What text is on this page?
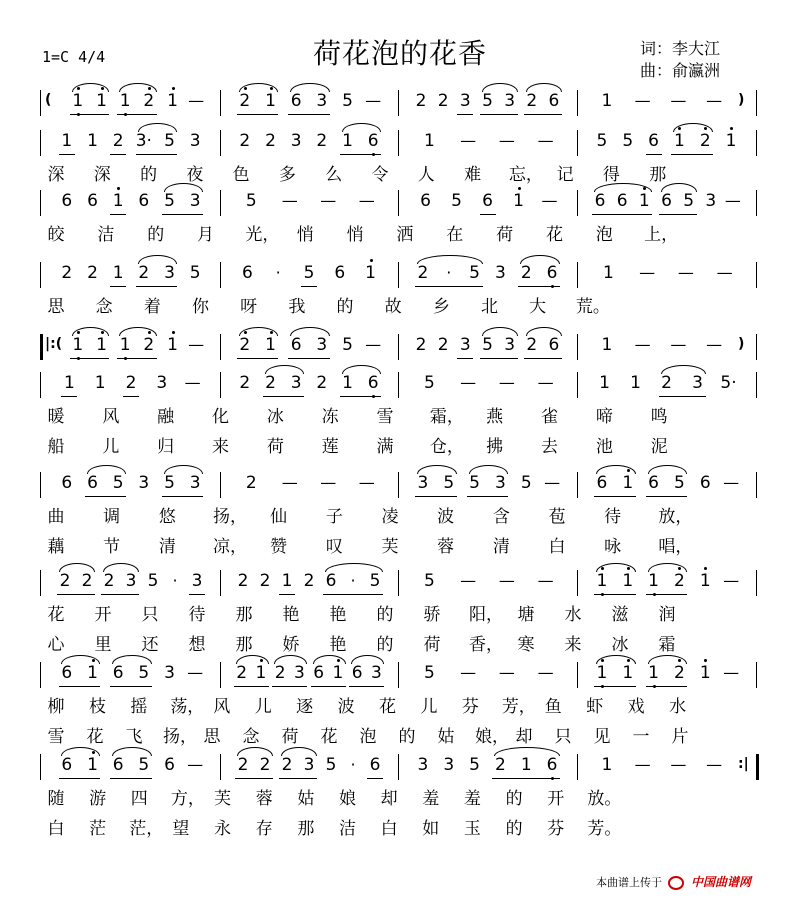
荷花泡的花香
1=C 4/4	词：李大江
曲：俞瀛洲
(	1 1 1 2 1 —	2 1 6 3 5 —	2 2 3 5 3 2 6	)
1	— — —
1 1 2 3· 5 3	2 2 3 2 1 6	1	— — —	5 5 6 1 2 1
深 深 的 夜 色 多 么 令 人 难 忘， 记 得 那
6 6 1 6 5 3	5	— — —	6	5	6	1	—	6 6 1 6 5 3 —
皎 洁 的 月 光， 悄 悄 洒 在 荷 花 泡 上，
2 2 1 2 3 5	6	·	5	6	1	2	·	5 3 2 6	1	— — —
思 念 着 你 呀 我 的 故 乡 北 大 荒。
|:( 1 1 1 2 1 —	2 1 6 3 5 —	2 2 3 5 3 2 6	)
1	— — —
1	1	2	3	—	2 2 3 2 1 6	5	— — —	1	1	2	3	5·
暖 风 融 化 冰 冻 雪 霜， 燕 雀 啼 鸣
船 儿 归 来 荷 莲 满 仓， 拂 去 池 泥
6 6 5 3 5 3	2	— — —	3 5 5 3 5 —	6 1 6 5 6 —
曲 调 悠 扬， 仙 子 凌 波 含 苞 待 放，
藕 节 清 凉， 赞 叹 芙 蓉 清 白 咏 唱，
2 2 2 3 5 · 3	2 2 1 2 6 · 5	5	— — —	1 1 1 2 1 —
花 开 只 待 那 艳 艳 的 骄 阳， 塘 水 滋 润
心 里 还 想 那 娇 艳 的 荷 香， 寒 来 冰 霜
6 1 6 5 3 —	2 1 2 3 6 1 6 3	5	— — —	1 1 1 2 1 —
柳 枝 摇 荡， 风 儿 逐 波 花 儿 芬 芳， 鱼 虾 戏 水
雪 花 飞 扬， 思 念 荷 花 泡 的 姑 娘， 却 只 见 一 片
6 1 6 5 6 —	2 2 2 3 5 · 6	3 3 5 2 1 6	:|
1	— — —
随 游 四 方， 芙 蓉 姑 娘 却 羞 羞 的 开 放。
白 茫 茫， 望 永 存 那 洁 白 如 玉 的 芬 芳。
本曲谱上传于 中国曲谱网
